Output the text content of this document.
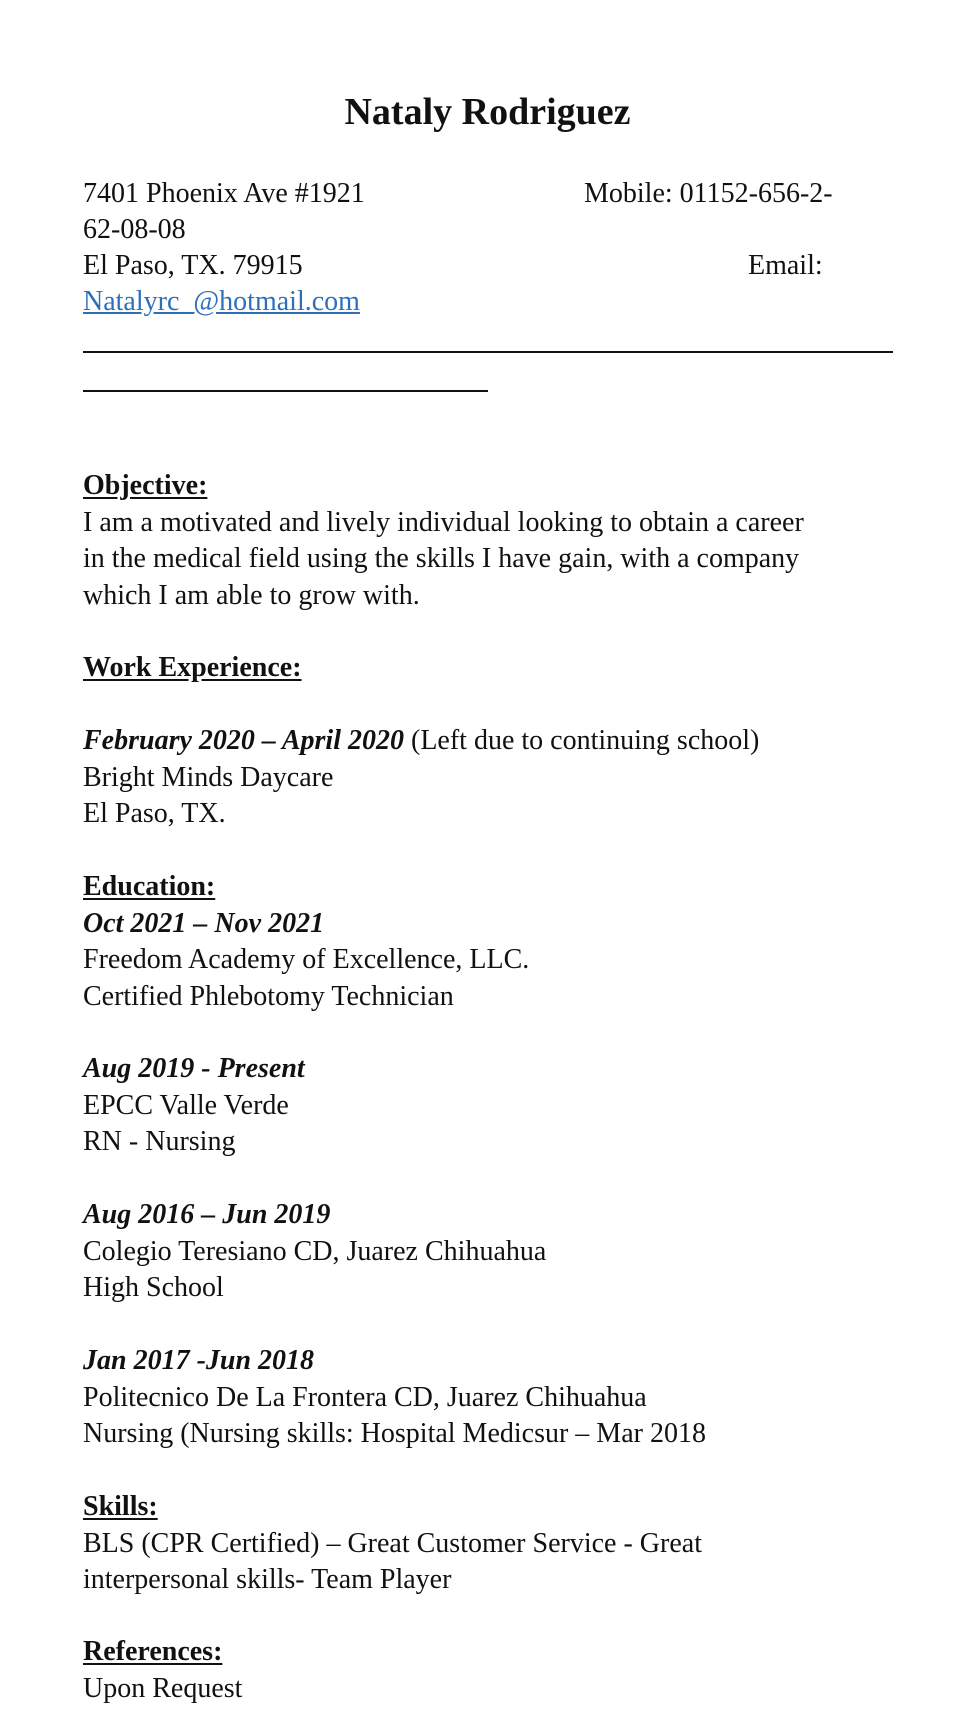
Nataly Rodriguez
7401 Phoenix Ave #1921	Mobile: 01152-656-2-
62-08-08
El Paso, TX. 79915	Email:
Natalyrc_@hotmail.com
Objective:
I am a motivated and lively individual looking to obtain a career
in the medical field using the skills I have gain, with a company
which I am able to grow with.
Work Experience:
February 2020 – April 2020 (Left due to continuing school)
Bright Minds Daycare
El Paso, TX.
Education:
Oct 2021 – Nov 2021
Freedom Academy of Excellence, LLC.
Certified Phlebotomy Technician
Aug 2019 - Present
EPCC Valle Verde
RN - Nursing
Aug 2016 – Jun 2019
Colegio Teresiano CD, Juarez Chihuahua
High School
Jan 2017 -Jun 2018
Politecnico De La Frontera CD, Juarez Chihuahua
Nursing (Nursing skills: Hospital Medicsur – Mar 2018
Skills:
BLS (CPR Certified) – Great Customer Service - Great
interpersonal skills- Team Player
References:
Upon Request
